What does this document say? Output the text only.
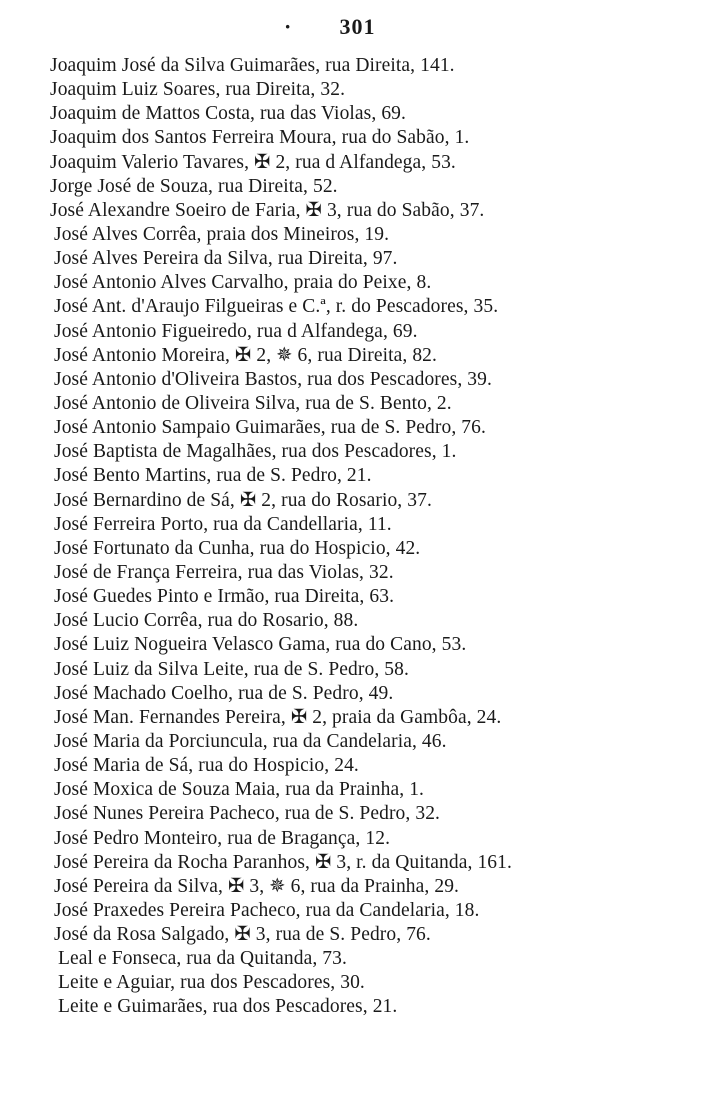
· 301
Joaquim José da Silva Guimarães, rua Direita, 141.
Joaquim Luiz Soares, rua Direita, 32.
Joaquim de Mattos Costa, rua das Violas, 69.
Joaquim dos Santos Ferreira Moura, rua do Sabão, 1.
Joaquim Valerio Tavares, ✠ 2, rua d Alfandega, 53.
Jorge José de Souza, rua Direita, 52.
José Alexandre Soeiro de Faria, ✠ 3, rua do Sabão, 37.
José Alves Corrêa, praia dos Mineiros, 19.
José Alves Pereira da Silva, rua Direita, 97.
José Antonio Alves Carvalho, praia do Peixe, 8.
José Ant. d'Araujo Filgueiras e C.ª, r. do Pescadores, 35.
José Antonio Figueiredo, rua d Alfandega, 69.
José Antonio Moreira, ✠ 2, ✵ 6, rua Direita, 82.
José Antonio d'Oliveira Bastos, rua dos Pescadores, 39.
José Antonio de Oliveira Silva, rua de S. Bento, 2.
José Antonio Sampaio Guimarães, rua de S. Pedro, 76.
José Baptista de Magalhães, rua dos Pescadores, 1.
José Bento Martins, rua de S. Pedro, 21.
José Bernardino de Sá, ✠ 2, rua do Rosario, 37.
José Ferreira Porto, rua da Candellaria, 11.
José Fortunato da Cunha, rua do Hospicio, 42.
José de França Ferreira, rua das Violas, 32.
José Guedes Pinto e Irmão, rua Direita, 63.
José Lucio Corrêa, rua do Rosario, 88.
José Luiz Nogueira Velasco Gama, rua do Cano, 53.
José Luiz da Silva Leite, rua de S. Pedro, 58.
José Machado Coelho, rua de S. Pedro, 49.
José Man. Fernandes Pereira, ✠ 2, praia da Gambôa, 24.
José Maria da Porciuncula, rua da Candelaria, 46.
José Maria de Sá, rua do Hospicio, 24.
José Moxica de Souza Maia, rua da Prainha, 1.
José Nunes Pereira Pacheco, rua de S. Pedro, 32.
José Pedro Monteiro, rua de Bragança, 12.
José Pereira da Rocha Paranhos, ✠ 3, r. da Quitanda, 161.
José Pereira da Silva, ✠ 3, ✵ 6, rua da Prainha, 29.
José Praxedes Pereira Pacheco, rua da Candelaria, 18.
José da Rosa Salgado, ✠ 3, rua de S. Pedro, 76.
Leal e Fonseca, rua da Quitanda, 73.
Leite e Aguiar, rua dos Pescadores, 30.
Leite e Guimarães, rua dos Pescadores, 21.
